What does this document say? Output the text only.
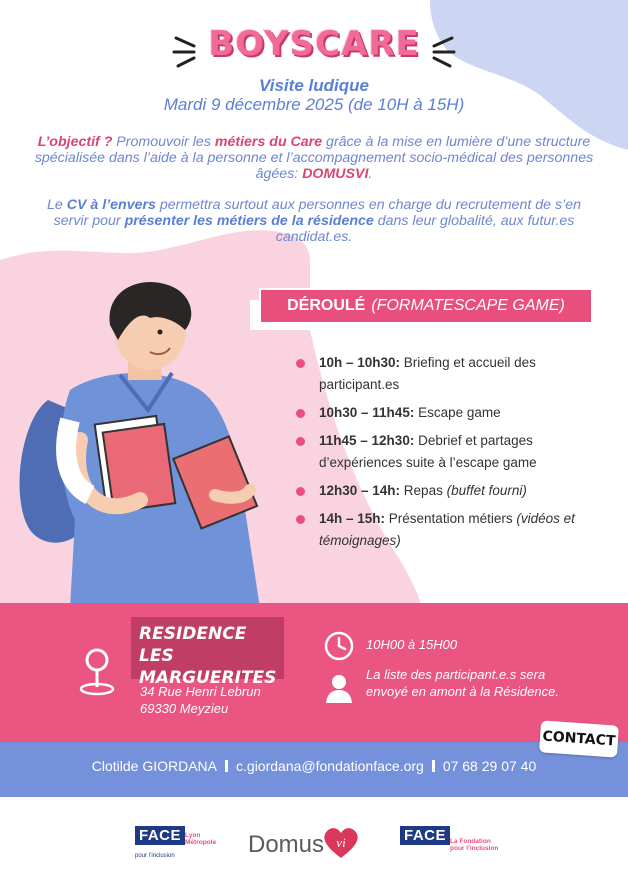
BOYSCARE
Visite ludique
Mardi 9 décembre 2025 (de 10H à 15H)
L’objectif ? Promouvoir les métiers du Care grâce à la mise en lumière d’une structure spécialisée dans l’aide à la personne et l’accompagnement socio-médical des personnes âgées: DOMUSVI.
Le CV à l’envers permettra surtout aux personnes en charge du recrutement de s’en servir pour présenter les métiers de la résidence dans leur globalité, aux futur.es candidat.es.
DÉROULÉ (FORMATESCAPE GAME)
10h – 10h30: Briefing et accueil des participant.es
10h30 – 11h45: Escape game
11h45 – 12h30: Debrief et partages d’expériences suite à l’escape game
12h30 – 14h: Repas (buffet fourni)
14h – 15h: Présentation métiers (vidéos et témoignages)
RESIDENCE LES MARGUERITES
34 Rue Henri Lebrun
69330 Meyzieu
10H00 à 15H00
La liste des participant.e.s sera envoyé en amont à la Résidence.
CONTACT
Clotilde GIORDANA c.giordana@fondationface.org 07 68 29 07 40
FACE Lyon
Métropole
pour l’inclusion	Domus vi	FACE La Fondation
pour l’inclusion
